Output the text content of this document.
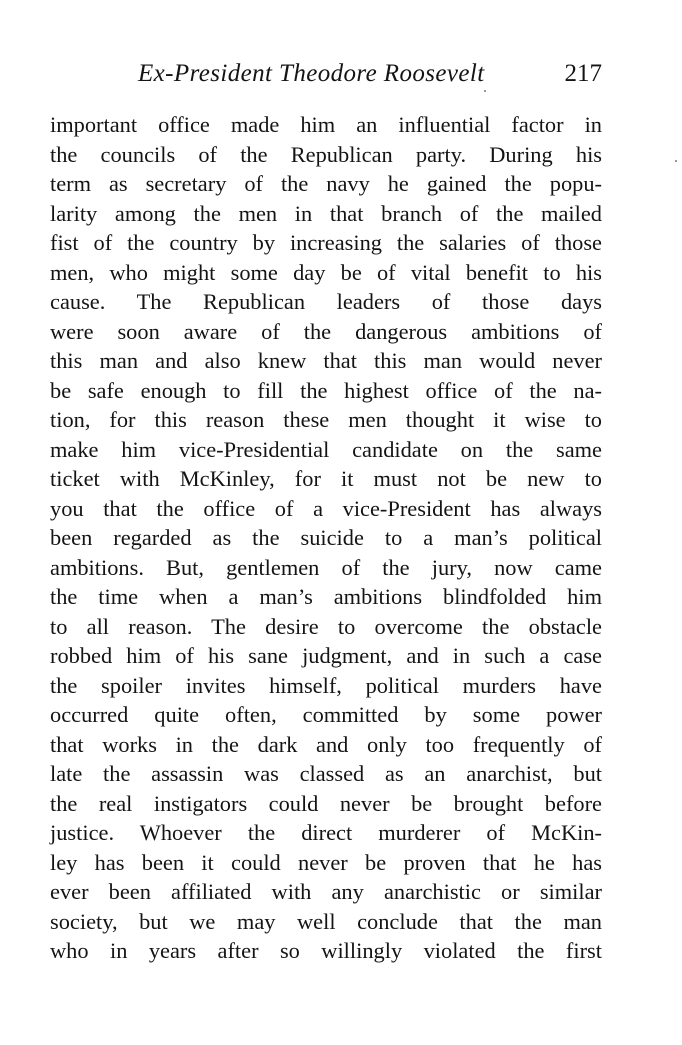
Ex-President Theodore Roosevelt	217
important office made him an influential factor in
the councils of the Republican party. During his
term as secretary of the navy he gained the popu-
larity among the men in that branch of the mailed
fist of the country by increasing the salaries of those
men, who might some day be of vital benefit to his
cause. The Republican leaders of those days
were soon aware of the dangerous ambitions of
this man and also knew that this man would never
be safe enough to fill the highest office of the na-
tion, for this reason these men thought it wise to
make him vice-Presidential candidate on the same
ticket with McKinley, for it must not be new to
you that the office of a vice-President has always
been regarded as the suicide to a man’s political
ambitions. But, gentlemen of the jury, now came
the time when a man’s ambitions blindfolded him
to all reason. The desire to overcome the obstacle
robbed him of his sane judgment, and in such a case
the spoiler invites himself, political murders have
occurred quite often, committed by some power
that works in the dark and only too frequently of
late the assassin was classed as an anarchist, but
the real instigators could never be brought before
justice. Whoever the direct murderer of McKin-
ley has been it could never be proven that he has
ever been affiliated with any anarchistic or similar
society, but we may well conclude that the man
who in years after so willingly violated the first
